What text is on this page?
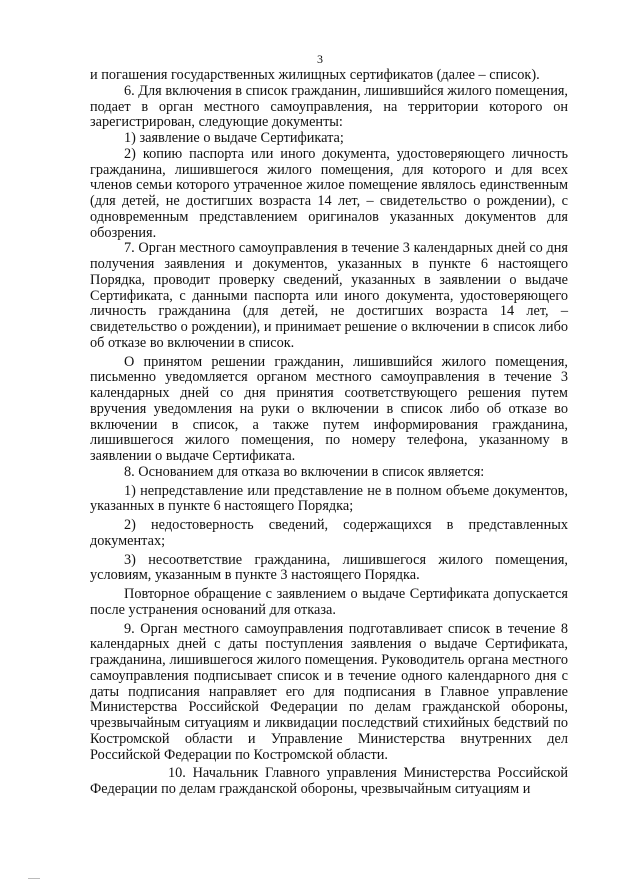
3

и погашения государственных жилищных сертификатов (далее – список).

6. Для включения в список гражданин, лишившийся жилого помещения, подает в орган местного самоуправления, на территории которого он зарегистрирован, следующие документы:

1) заявление о выдаче Сертификата;

2) копию паспорта или иного документа, удостоверяющего личность гражданина, лишившегося жилого помещения, для которого и для всех членов семьи которого утраченное жилое помещение являлось единственным (для детей, не достигших возраста 14 лет, – свидетельство о рождении), с одновременным представлением оригиналов указанных документов для обозрения.

7. Орган местного самоуправления в течение 3 календарных дней со дня получения заявления и документов, указанных в пункте 6 настоящего Порядка, проводит проверку сведений, указанных в заявлении о выдаче Сертификата, с данными паспорта или иного документа, удостоверяющего личность гражданина (для детей, не достигших возраста 14 лет, – свидетельство о рождении), и принимает решение о включении в список либо об отказе во включении в список.

О принятом решении гражданин, лишившийся жилого помещения, письменно уведомляется органом местного самоуправления в течение 3 календарных дней со дня принятия соответствующего решения путем вручения уведомления на руки о включении в список либо об отказе во включении в список, а также путем информирования гражданина, лишившегося жилого помещения, по номеру телефона, указанному в заявлении о выдаче Сертификата.

8. Основанием для отказа во включении в список является:

1) непредставление или представление не в полном объеме документов, указанных в пункте 6 настоящего Порядка;

2) недостоверность сведений, содержащихся в представленных документах;

3) несоответствие гражданина, лишившегося жилого помещения, условиям, указанным в пункте 3 настоящего Порядка.

Повторное обращение с заявлением о выдаче Сертификата допускается после устранения оснований для отказа.

9. Орган местного самоуправления подготавливает список в течение 8 календарных дней с даты поступления заявления о выдаче Сертификата, гражданина, лишившегося жилого помещения. Руководитель органа местного самоуправления подписывает список и в течение одного календарного дня с даты подписания направляет его для подписания в Главное управление Министерства Российской Федерации по делам гражданской обороны, чрезвычайным ситуациям и ликвидации последствий стихийных бедствий по Костромской области и Управление Министерства внутренних дел Российской Федерации по Костромской области.

10. Начальник Главного управления Министерства Российской Федерации по делам гражданской обороны, чрезвычайным ситуациям и
